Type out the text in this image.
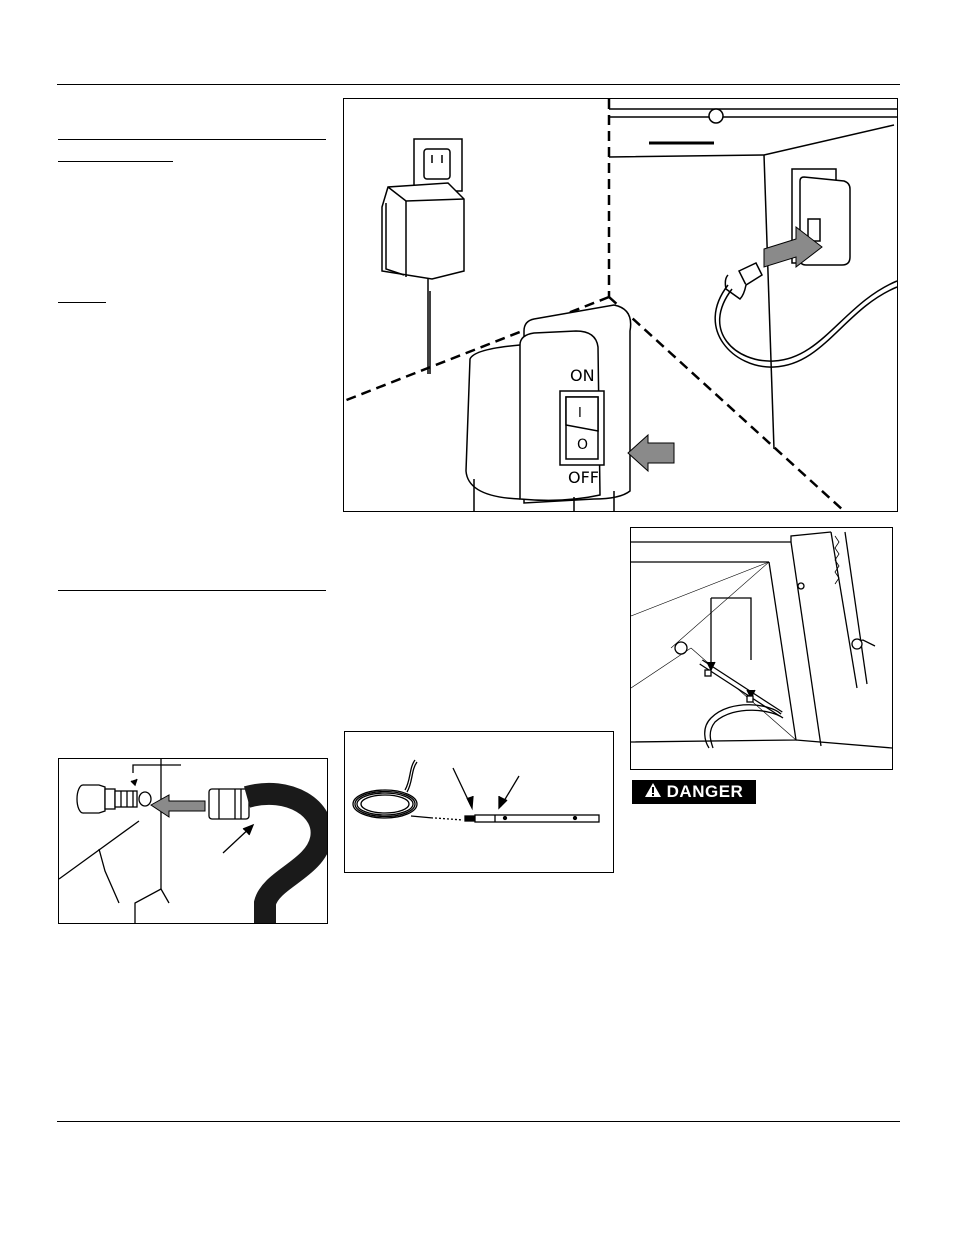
ON
I
O
OFF
DANGER
